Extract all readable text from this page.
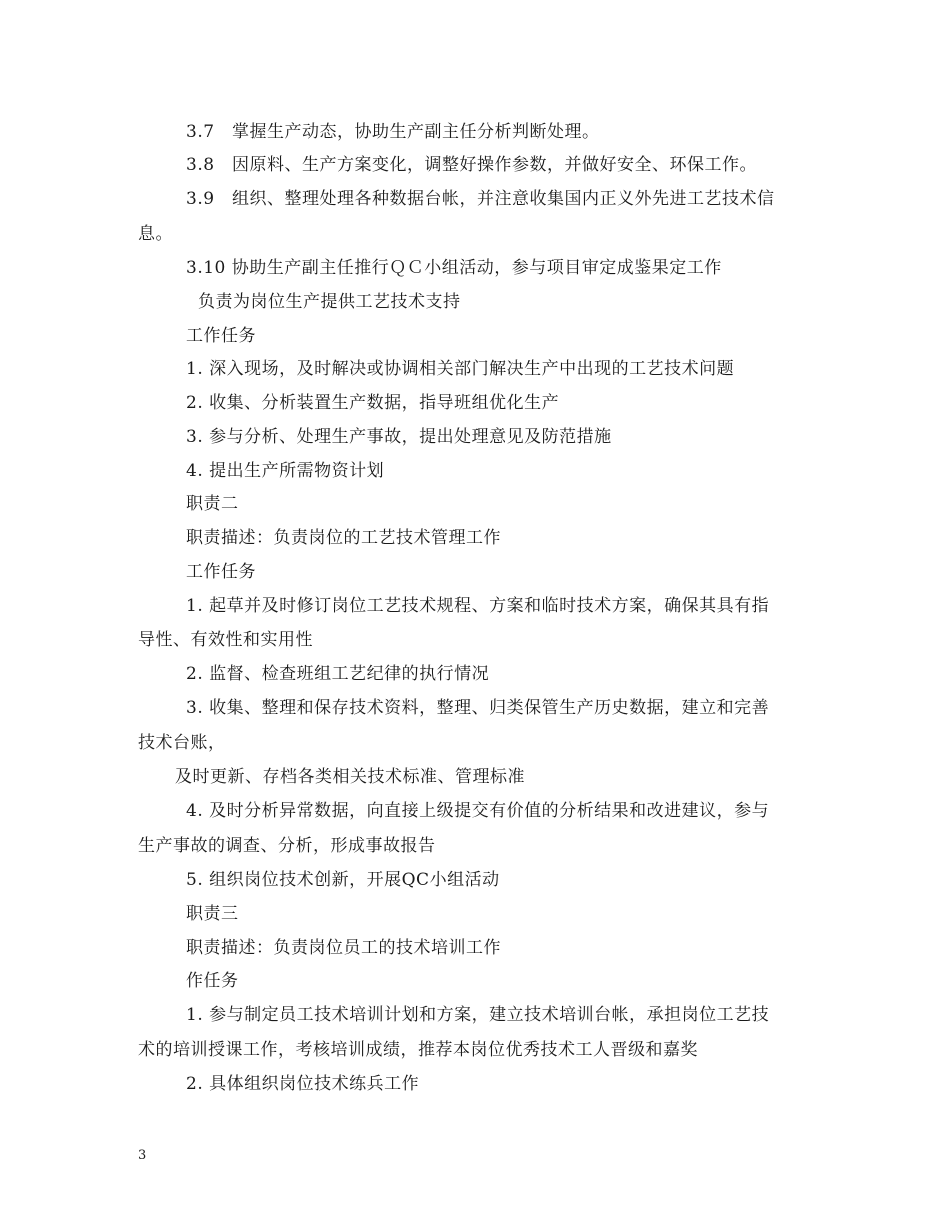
3.7　掌握生产动态，协助生产副主任分析判断处理。
3.8　因原料、生产方案变化，调整好操作参数，并做好安全、环保工作。
3.9　组织、整理处理各种数据台帐，并注意收集国内正义外先进工艺技术信
息。
3.10 协助生产副主任推行ＱＣ小组活动，参与项目审定成鉴果定工作
负责为岗位生产提供工艺技术支持
工作任务
1. 深入现场，及时解决或协调相关部门解决生产中出现的工艺技术问题
2. 收集、分析装置生产数据，指导班组优化生产
3. 参与分析、处理生产事故，提出处理意见及防范措施
4. 提出生产所需物资计划
职责二
职责描述：负责岗位的工艺技术管理工作
工作任务
1. 起草并及时修订岗位工艺技术规程、方案和临时技术方案，确保其具有指
导性、有效性和实用性
2. 监督、检查班组工艺纪律的执行情况
3. 收集、整理和保存技术资料，整理、归类保管生产历史数据，建立和完善
技术台账，
及时更新、存档各类相关技术标准、管理标准
4. 及时分析异常数据，向直接上级提交有价值的分析结果和改进建议，参与
生产事故的调查、分析，形成事故报告
5. 组织岗位技术创新，开展QC小组活动
职责三
职责描述：负责岗位员工的技术培训工作
作任务
1. 参与制定员工技术培训计划和方案，建立技术培训台帐，承担岗位工艺技
术的培训授课工作，考核培训成绩，推荐本岗位优秀技术工人晋级和嘉奖
2. 具体组织岗位技术练兵工作
3
